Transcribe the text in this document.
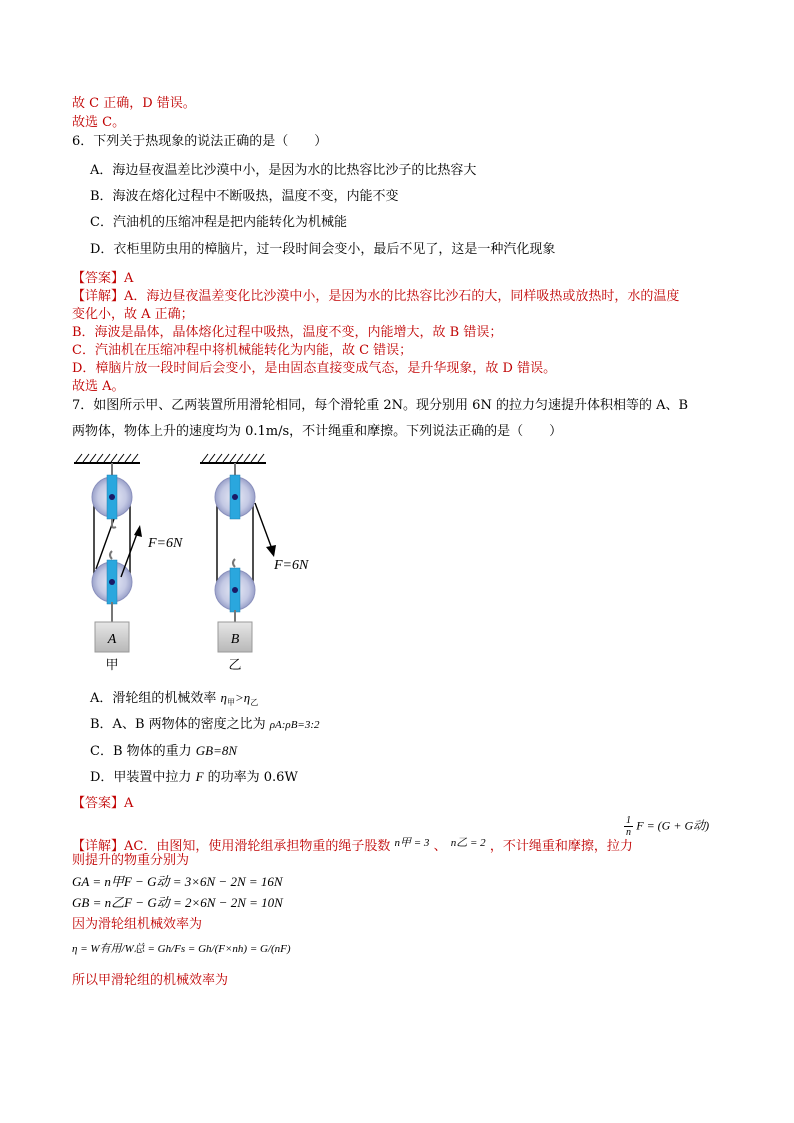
故 C 正确，D 错误。
故选 C。
6．下列关于热现象的说法正确的是（　　）
A．海边昼夜温差比沙漠中小，是因为水的比热容比沙子的比热容大
B．海波在熔化过程中不断吸热，温度不变，内能不变
C．汽油机的压缩冲程是把内能转化为机械能
D．衣柜里防虫用的樟脑片，过一段时间会变小，最后不见了，这是一种汽化现象
【答案】A
【详解】A．海边昼夜温差变化比沙漠中小，是因为水的比热容比沙石的大，同样吸热或放热时，水的温度
变化小，故 A 正确；
B．海波是晶体，晶体熔化过程中吸热，温度不变，内能增大，故 B 错误；
C．汽油机在压缩冲程中将机械能转化为内能，故 C 错误；
D．樟脑片放一段时间后会变小，是由固态直接变成气态，是升华现象，故 D 错误。
故选 A。
7．如图所示甲、乙两装置所用滑轮相同，每个滑轮重 2N。现分别用 6N 的拉力匀速提升体积相等的 A、B
两物体，物体上升的速度均为 0.1m/s，不计绳重和摩擦。下列说法正确的是（　　）
F=6N
A
甲
F=6N
B
乙
A．滑轮组的机械效率 $\eta_甲>\eta_乙$
B．A、B 两物体的密度之比为 ρA:ρB=3:2
C．B 物体的重力 GB=8N
D．甲装置中拉力 F 的功率为 0.6W
【答案】A
【详解】AC．由图知，使用滑轮组承担物重的绳子股数 $^{n甲 = 3}$ 、 $^{n乙 = 2}$ ，不计绳重和摩擦，拉力
$\frac{1}{n}$ F = (G + G动)
则提升的物重分别为
GA = n甲F − G动 = 3×6N − 2N = 16N
GB = n乙F − G动 = 2×6N − 2N = 10N
因为滑轮组机械效率为
η = W有用/W总 = Gh/Fs = Gh/(F×nh) = G/(nF)
所以甲滑轮组的机械效率为
